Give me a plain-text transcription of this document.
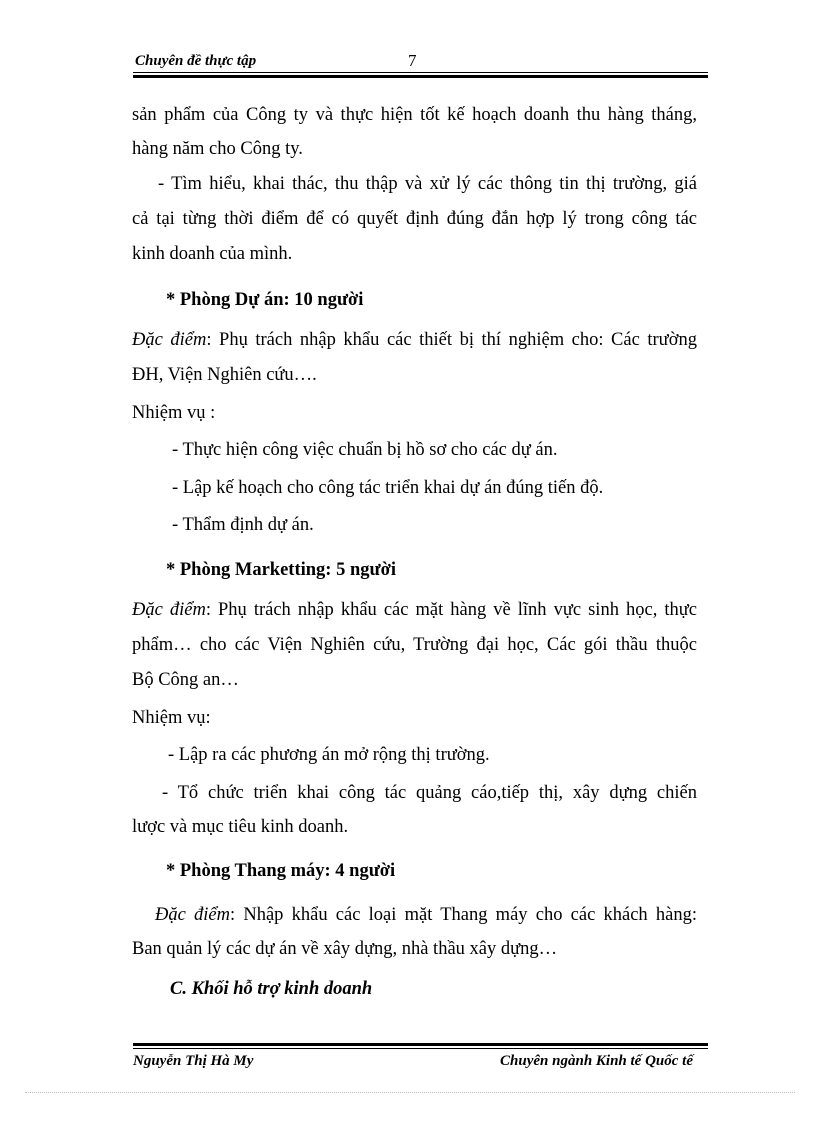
Chuyên đề thực tập	7
sản phẩm của Công ty và thực hiện tốt kế hoạch doanh thu hàng tháng,
hàng năm cho Công ty.
- Tìm hiểu, khai thác, thu thập và xử lý các thông tin thị trường, giá
cả tại từng thời điểm để có quyết định đúng đắn hợp lý trong công tác
kinh doanh của mình.
* Phòng Dự án: 10 người
Đặc điểm: Phụ trách nhập khẩu các thiết bị thí nghiệm cho: Các trường
ĐH, Viện Nghiên cứu….
Nhiệm vụ :
- Thực hiện công việc chuẩn bị hồ sơ cho các dự án.
- Lập kế hoạch cho công tác triển khai dự án đúng tiến độ.
- Thẩm định dự án.
* Phòng Marketting: 5 người
Đặc điểm: Phụ trách nhập khẩu các mặt hàng về lĩnh vực sinh học, thực
phẩm… cho các Viện Nghiên cứu, Trường đại học, Các gói thầu thuộc
Bộ Công an…
Nhiệm vụ:
- Lập ra các phương án mở rộng thị trường.
- Tổ chức triển khai công tác quảng cáo,tiếp thị, xây dựng chiến
lược và mục tiêu kinh doanh.
* Phòng Thang máy: 4 người
Đặc điểm: Nhập khẩu các loại mặt Thang máy cho các khách hàng:
Ban quản lý các dự án về xây dựng, nhà thầu xây dựng…
C. Khối hỗ trợ kinh doanh
Nguyễn Thị Hà My	Chuyên ngành Kinh tế Quốc tế
